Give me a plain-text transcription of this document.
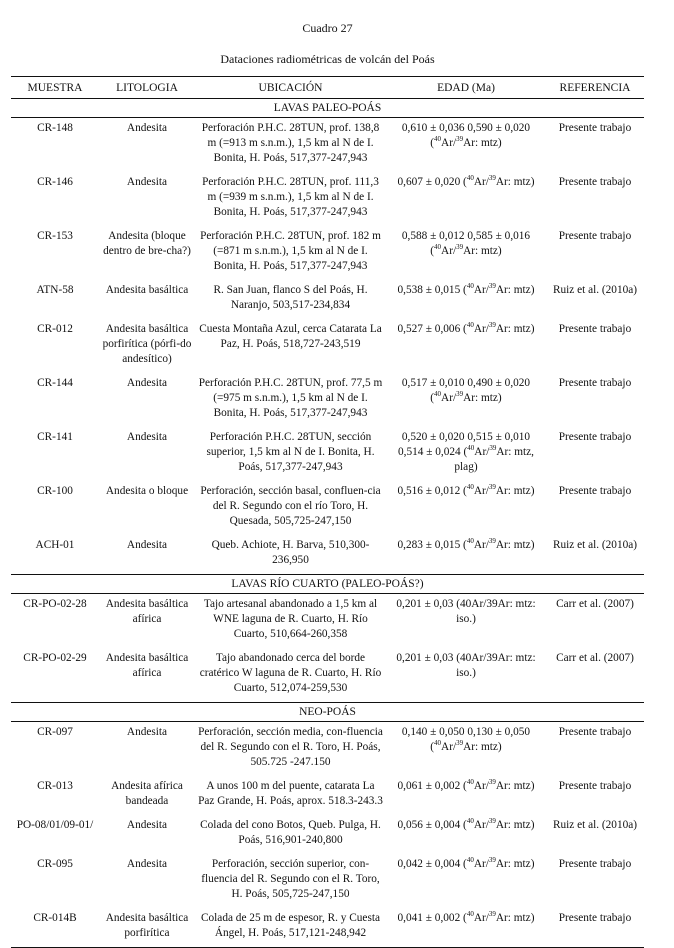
Cuadro 27
Dataciones radiométricas de volcán del Poás
MUESTRA	LITOLOGIA	UBICACIÓN	EDAD (Ma)	REFERENCIA
LAVAS PALEO-POÁS				
CR-148	Andesita	Perforación P.H.C. 28TUN, prof. 138,8 m (=913 m s.n.m.), 1,5 km al N de I. Bonita, H. Poás, 517,377-247,943	0,610 ± 0,036 0,590 ± 0,020 ($^{40}$Ar/$^{39}$Ar: mtz)	Presente trabajo
CR-146	Andesita	Perforación P.H.C. 28TUN, prof. 111,3 m (=939 m s.n.m.), 1,5 km al N de I. Bonita, H. Poás, 517,377-247,943	0,607 ± 0,020 ($^{40}$Ar/$^{39}$Ar: mtz)	Presente trabajo
CR-153	Andesita (bloque dentro de bre-cha?)	Perforación P.H.C. 28TUN, prof. 182 m (=871 m s.n.m.), 1,5 km al N de I. Bonita, H. Poás, 517,377-247,943	0,588 ± 0,012 0,585 ± 0,016 ($^{40}$Ar/$^{39}$Ar: mtz)	Presente trabajo
ATN-58	Andesita basáltica	R. San Juan, flanco S del Poás, H. Naranjo, 503,517-234,834	0,538 ± 0,015 ($^{40}$Ar/$^{39}$Ar: mtz)	Ruiz et al. (2010a)
CR-012	Andesita basáltica porfirítica (pórfi-do andesítico)	Cuesta Montaña Azul, cerca Catarata La Paz, H. Poás, 518,727-243,519	0,527 ± 0,006 ($^{40}$Ar/$^{39}$Ar: mtz)	Presente trabajo
CR-144	Andesita	Perforación P.H.C. 28TUN, prof. 77,5 m (=975 m s.n.m.), 1,5 km al N de I. Bonita, H. Poás, 517,377-247,943	0,517 ± 0,010 0,490 ± 0,020 ($^{40}$Ar/$^{39}$Ar: mtz)	Presente trabajo
CR-141	Andesita	Perforación P.H.C. 28TUN, sección superior, 1,5 km al N de I. Bonita, H. Poás, 517,377-247,943	0,520 ± 0,020 0,515 ± 0,010 0,514 ± 0,024 ($^{40}$Ar/$^{39}$Ar: mtz, plag)	Presente trabajo
CR-100	Andesita o bloque	Perforación, sección basal, confluen-cia del R. Segundo con el río Toro, H. Quesada, 505,725-247,150	0,516 ± 0,012 ($^{40}$Ar/$^{39}$Ar: mtz)	Presente trabajo
ACH-01	Andesita	Queb. Achiote, H. Barva, 510,300-236,950	0,283 ± 0,015 ($^{40}$Ar/$^{39}$Ar: mtz)	Ruiz et al. (2010a)
LAVAS RÍO CUARTO (PALEO-POÁS?)				
CR-PO-02-28	Andesita basáltica afírica	Tajo artesanal abandonado a 1,5 km al WNE laguna de R. Cuarto, H. Río Cuarto, 510,664-260,358	0,201 ± 0,03 (40Ar/39Ar: mtz: iso.)	Carr et al. (2007)
CR-PO-02-29	Andesita basáltica afírica	Tajo abandonado cerca del borde cratérico W laguna de R. Cuarto, H. Río Cuarto, 512,074-259,530	0,201 ± 0,03 (40Ar/39Ar: mtz: iso.)	Carr et al. (2007)
NEO-POÁS				
CR-097	Andesita	Perforación, sección media, con-fluencia del R. Segundo con el R. Toro, H. Poás, 505.725 -247.150	0,140 ± 0,050 0,130 ± 0,050 ($^{40}$Ar/$^{39}$Ar: mtz)	Presente trabajo
CR-013	Andesita afírica bandeada	A unos 100 m del puente, catarata La Paz Grande, H. Poás, aprox. 518.3-243.3	0,061 ± 0,002 ($^{40}$Ar/$^{39}$Ar: mtz)	Presente trabajo
PO-08/01/09-01/	Andesita	Colada del cono Botos, Queb. Pulga, H. Poás, 516,901-240,800	0,056 ± 0,004 ($^{40}$Ar/$^{39}$Ar: mtz)	Ruiz et al. (2010a)
CR-095	Andesita	Perforación, sección superior, con-fluencia del R. Segundo con el R. Toro, H. Poás, 505,725-247,150	0,042 ± 0,004 ($^{40}$Ar/$^{39}$Ar: mtz)	Presente trabajo
CR-014B	Andesita basáltica porfirítica	Colada de 25 m de espesor, R. y Cuesta Ángel, H. Poás, 517,121-248,942	0,041 ± 0,002 ($^{40}$Ar/$^{39}$Ar: mtz)	Presente trabajo
